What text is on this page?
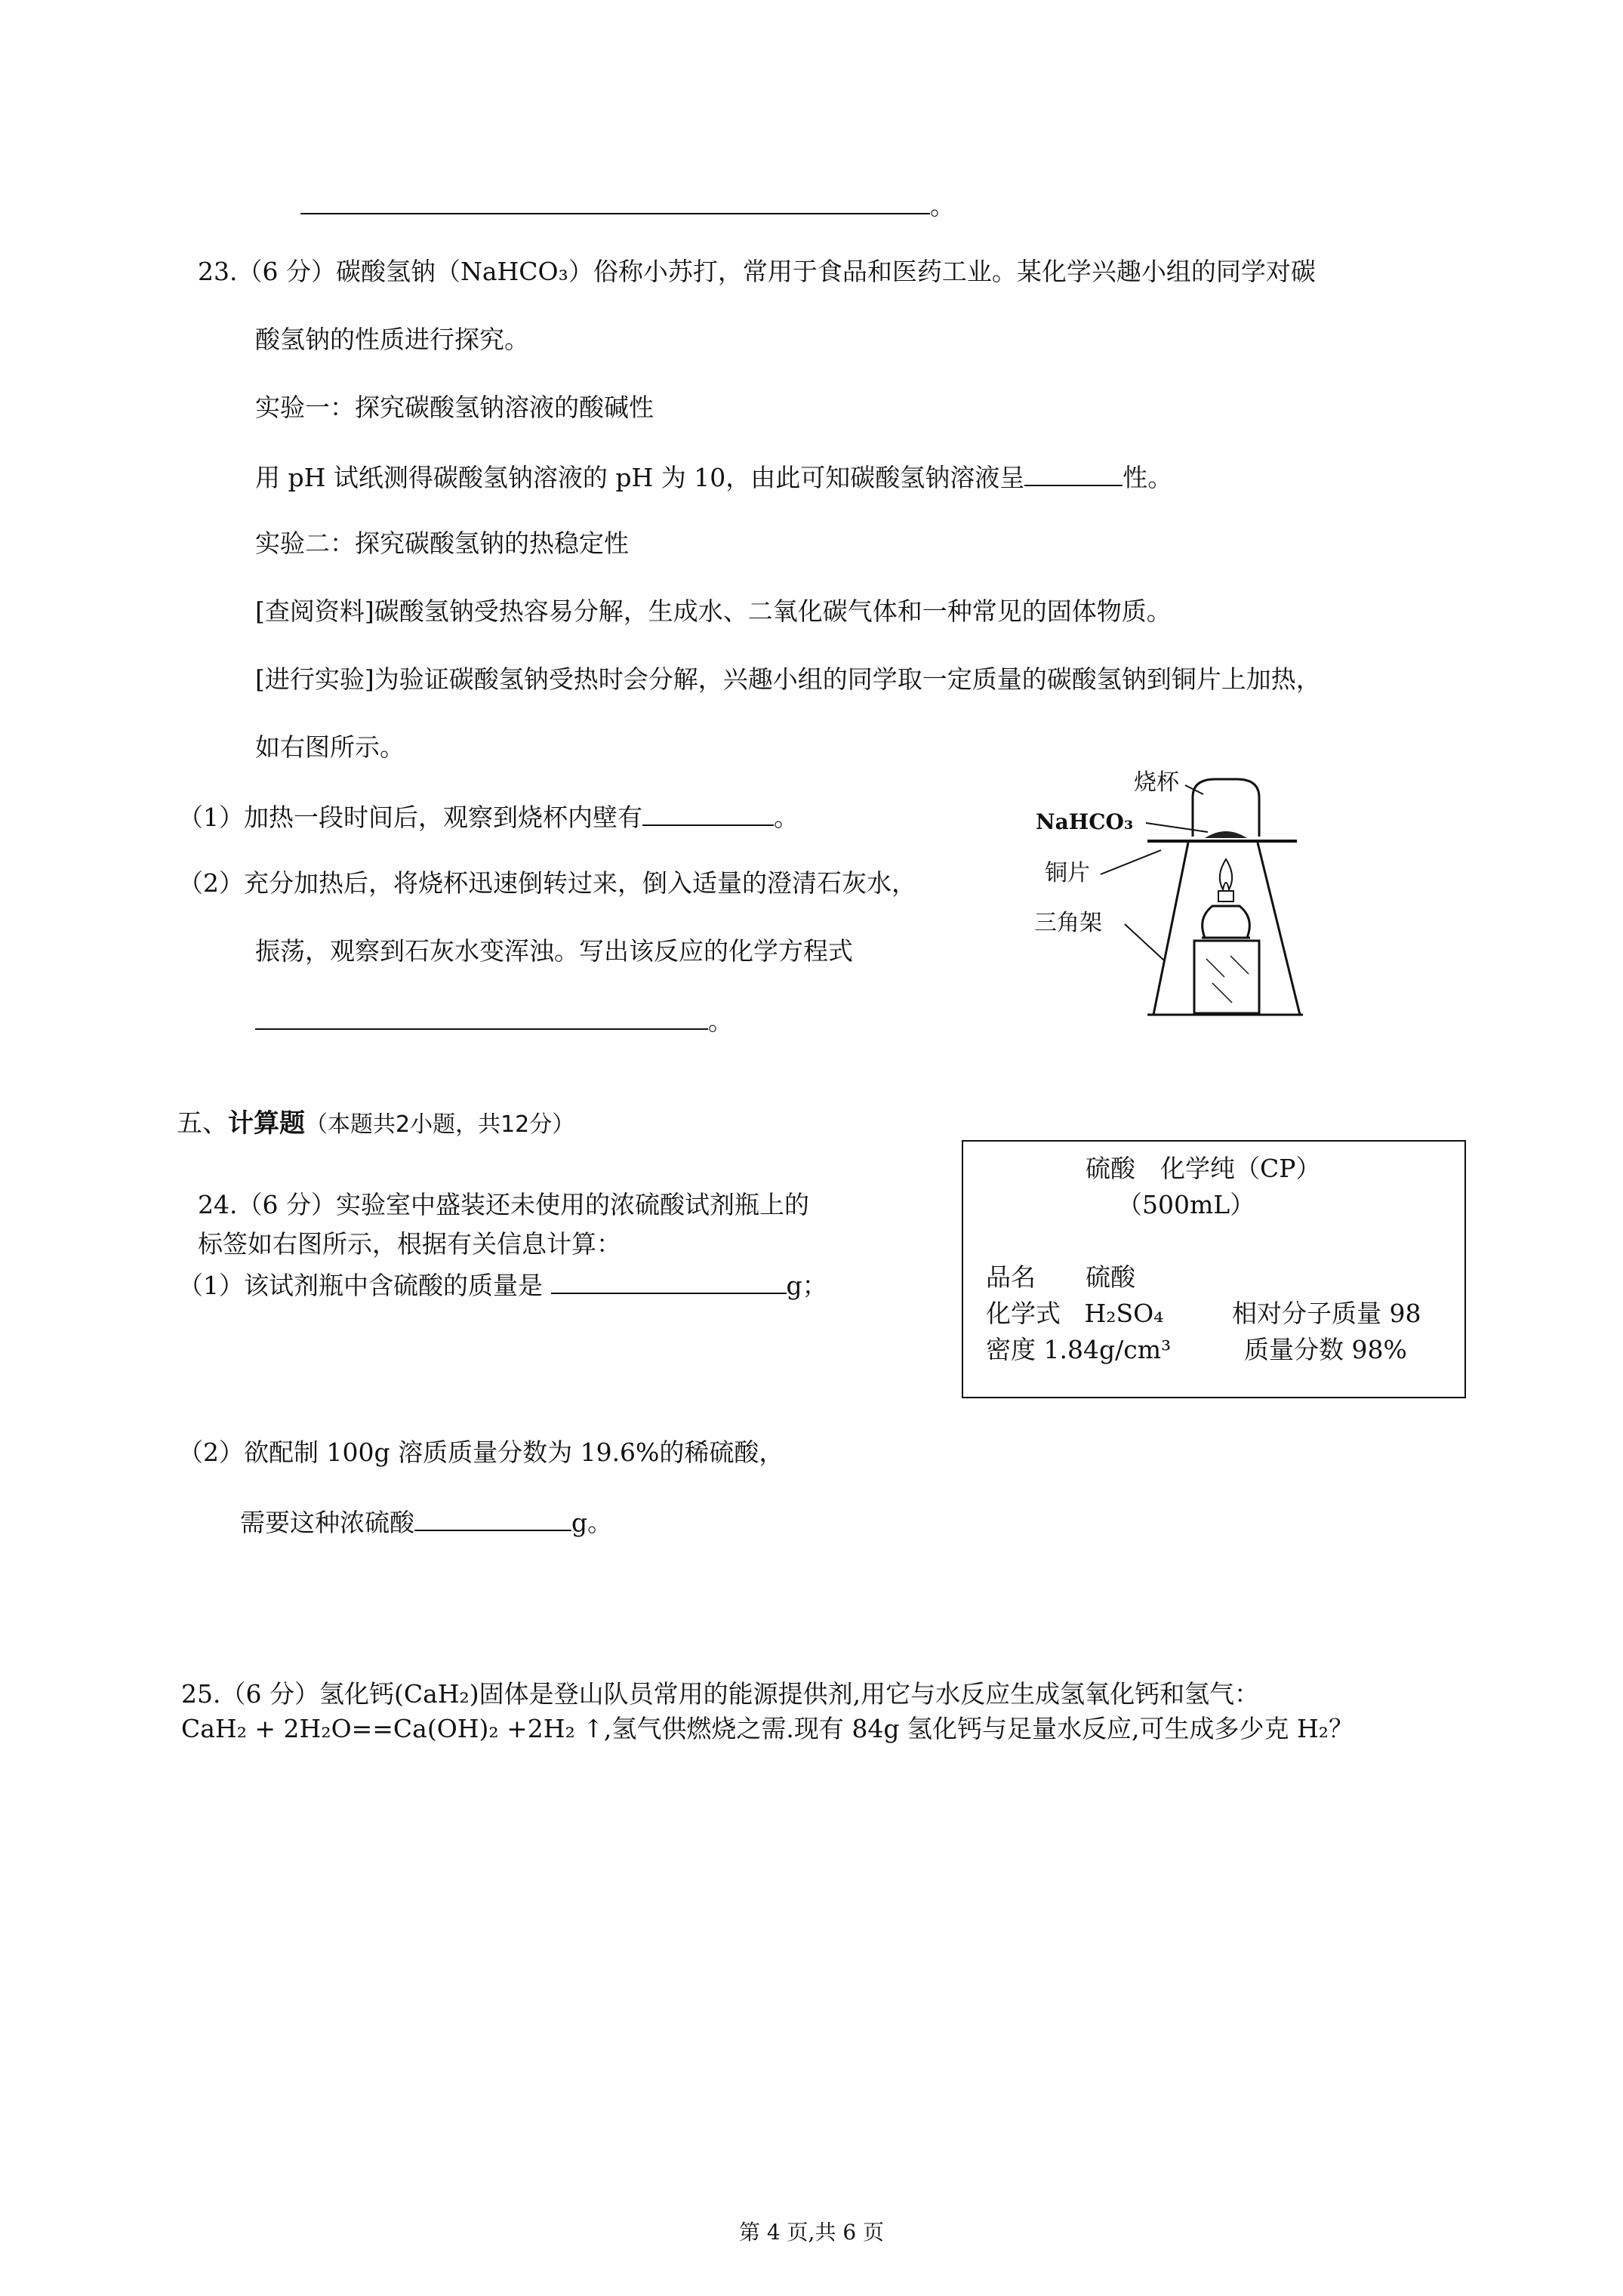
。
23.（6 分）碳酸氢钠（NaHCO₃）俗称小苏打，常用于食品和医药工业。某化学兴趣小组的同学对碳
酸氢钠的性质进行探究。
实验一：探究碳酸氢钠溶液的酸碱性
用 pH 试纸测得碳酸氢钠溶液的 pH 为 10，由此可知碳酸氢钠溶液呈	性。
实验二：探究碳酸氢钠的热稳定性
[查阅资料]碳酸氢钠受热容易分解，生成水、二氧化碳气体和一种常见的固体物质。
[进行实验]为验证碳酸氢钠受热时会分解，兴趣小组的同学取一定质量的碳酸氢钠到铜片上加热，
如右图所示。
（1）加热一段时间后，观察到烧杯内壁有	。
（2）充分加热后，将烧杯迅速倒转过来，倒入适量的澄清石灰水，
振荡，观察到石灰水变浑浊。写出该反应的化学方程式
。
烧杯
NaHCO₃
铜片
三角架
五、计算题（本题共2小题，共12分）
24.（6 分）实验室中盛装还未使用的浓硫酸试剂瓶上的
标签如右图所示，根据有关信息计算：
（1）该试剂瓶中含硫酸的质量是	g；
硫酸　化学纯（CP）
（500mL）
品名　　硫酸
化学式 H₂SO₄	相对分子质量 98
密度 1.84g/cm³	质量分数 98%
（2）欲配制 100g 溶质质量分数为 19.6%的稀硫酸，
需要这种浓硫酸	g。
25.（6 分）氢化钙(CaH₂)固体是登山队员常用的能源提供剂,用它与水反应生成氢氧化钙和氢气：
CaH₂ + 2H₂O==Ca(OH)₂ +2H₂ ↑,氢气供燃烧之需.现有 84g 氢化钙与足量水反应,可生成多少克 H₂？
第 4 页,共 6 页
